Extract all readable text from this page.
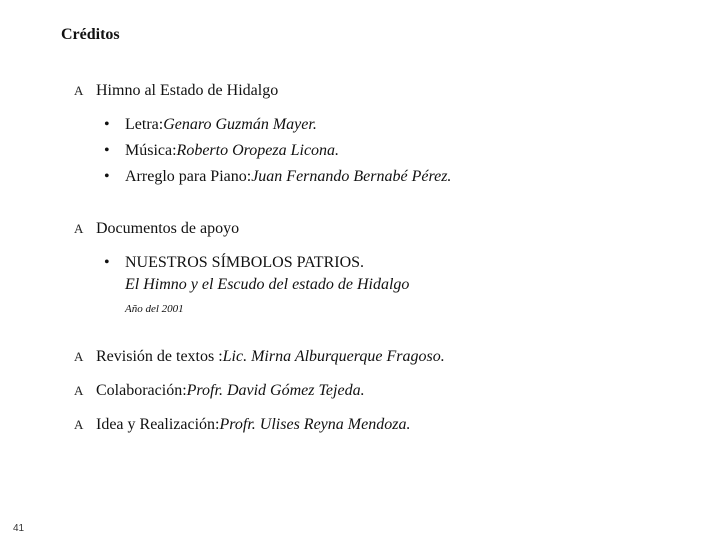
Créditos
A Himno al Estado de Hidalgo
• Letra: Genaro Guzmán Mayer.
• Música: Roberto Oropeza Licona.
• Arreglo para Piano: Juan Fernando Bernabé Pérez.
A Documentos de apoyo
• NUESTROS SÍMBOLOS PATRIOS.
El Himno y el Escudo del estado de Hidalgo
Año del 2001
A Revisión de textos : Lic. Mirna Alburquerque Fragoso.
A Colaboración: Profr. David Gómez Tejeda.
A Idea y Realización: Profr. Ulises Reyna Mendoza.
41
